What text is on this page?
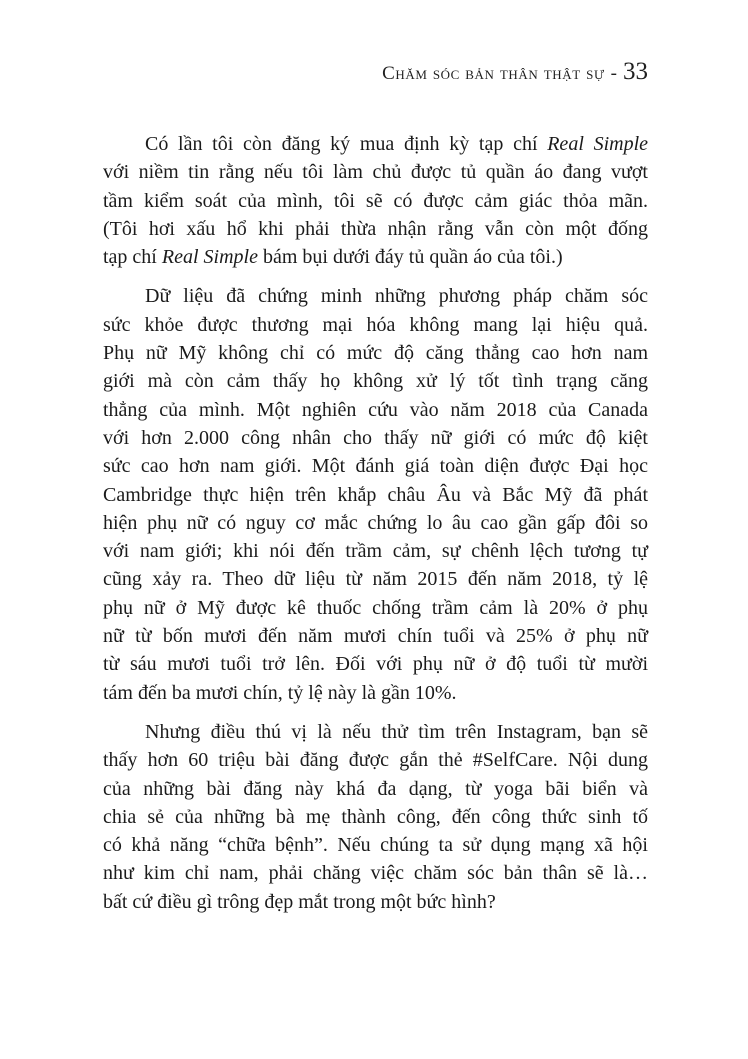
Chăm sóc bản thân thật sự - 33

Có lần tôi còn đăng ký mua định kỳ tạp chí Real Simple
với niềm tin rằng nếu tôi làm chủ được tủ quần áo đang vượt
tầm kiểm soát của mình, tôi sẽ có được cảm giác thỏa mãn.
(Tôi hơi xấu hổ khi phải thừa nhận rằng vẫn còn một đống
tạp chí Real Simple bám bụi dưới đáy tủ quần áo của tôi.)

Dữ liệu đã chứng minh những phương pháp chăm sóc
sức khỏe được thương mại hóa không mang lại hiệu quả.
Phụ nữ Mỹ không chỉ có mức độ căng thẳng cao hơn nam
giới mà còn cảm thấy họ không xử lý tốt tình trạng căng
thẳng của mình. Một nghiên cứu vào năm 2018 của Canada
với hơn 2.000 công nhân cho thấy nữ giới có mức độ kiệt
sức cao hơn nam giới. Một đánh giá toàn diện được Đại học
Cambridge thực hiện trên khắp châu Âu và Bắc Mỹ đã phát
hiện phụ nữ có nguy cơ mắc chứng lo âu cao gần gấp đôi so
với nam giới; khi nói đến trầm cảm, sự chênh lệch tương tự
cũng xảy ra. Theo dữ liệu từ năm 2015 đến năm 2018, tỷ lệ
phụ nữ ở Mỹ được kê thuốc chống trầm cảm là 20% ở phụ
nữ từ bốn mươi đến năm mươi chín tuổi và 25% ở phụ nữ
từ sáu mươi tuổi trở lên. Đối với phụ nữ ở độ tuổi từ mười
tám đến ba mươi chín, tỷ lệ này là gần 10%.

Nhưng điều thú vị là nếu thử tìm trên Instagram, bạn sẽ
thấy hơn 60 triệu bài đăng được gắn thẻ #SelfCare. Nội dung
của những bài đăng này khá đa dạng, từ yoga bãi biển và
chia sẻ của những bà mẹ thành công, đến công thức sinh tố
có khả năng “chữa bệnh”. Nếu chúng ta sử dụng mạng xã hội
như kim chỉ nam, phải chăng việc chăm sóc bản thân sẽ là…
bất cứ điều gì trông đẹp mắt trong một bức hình?
